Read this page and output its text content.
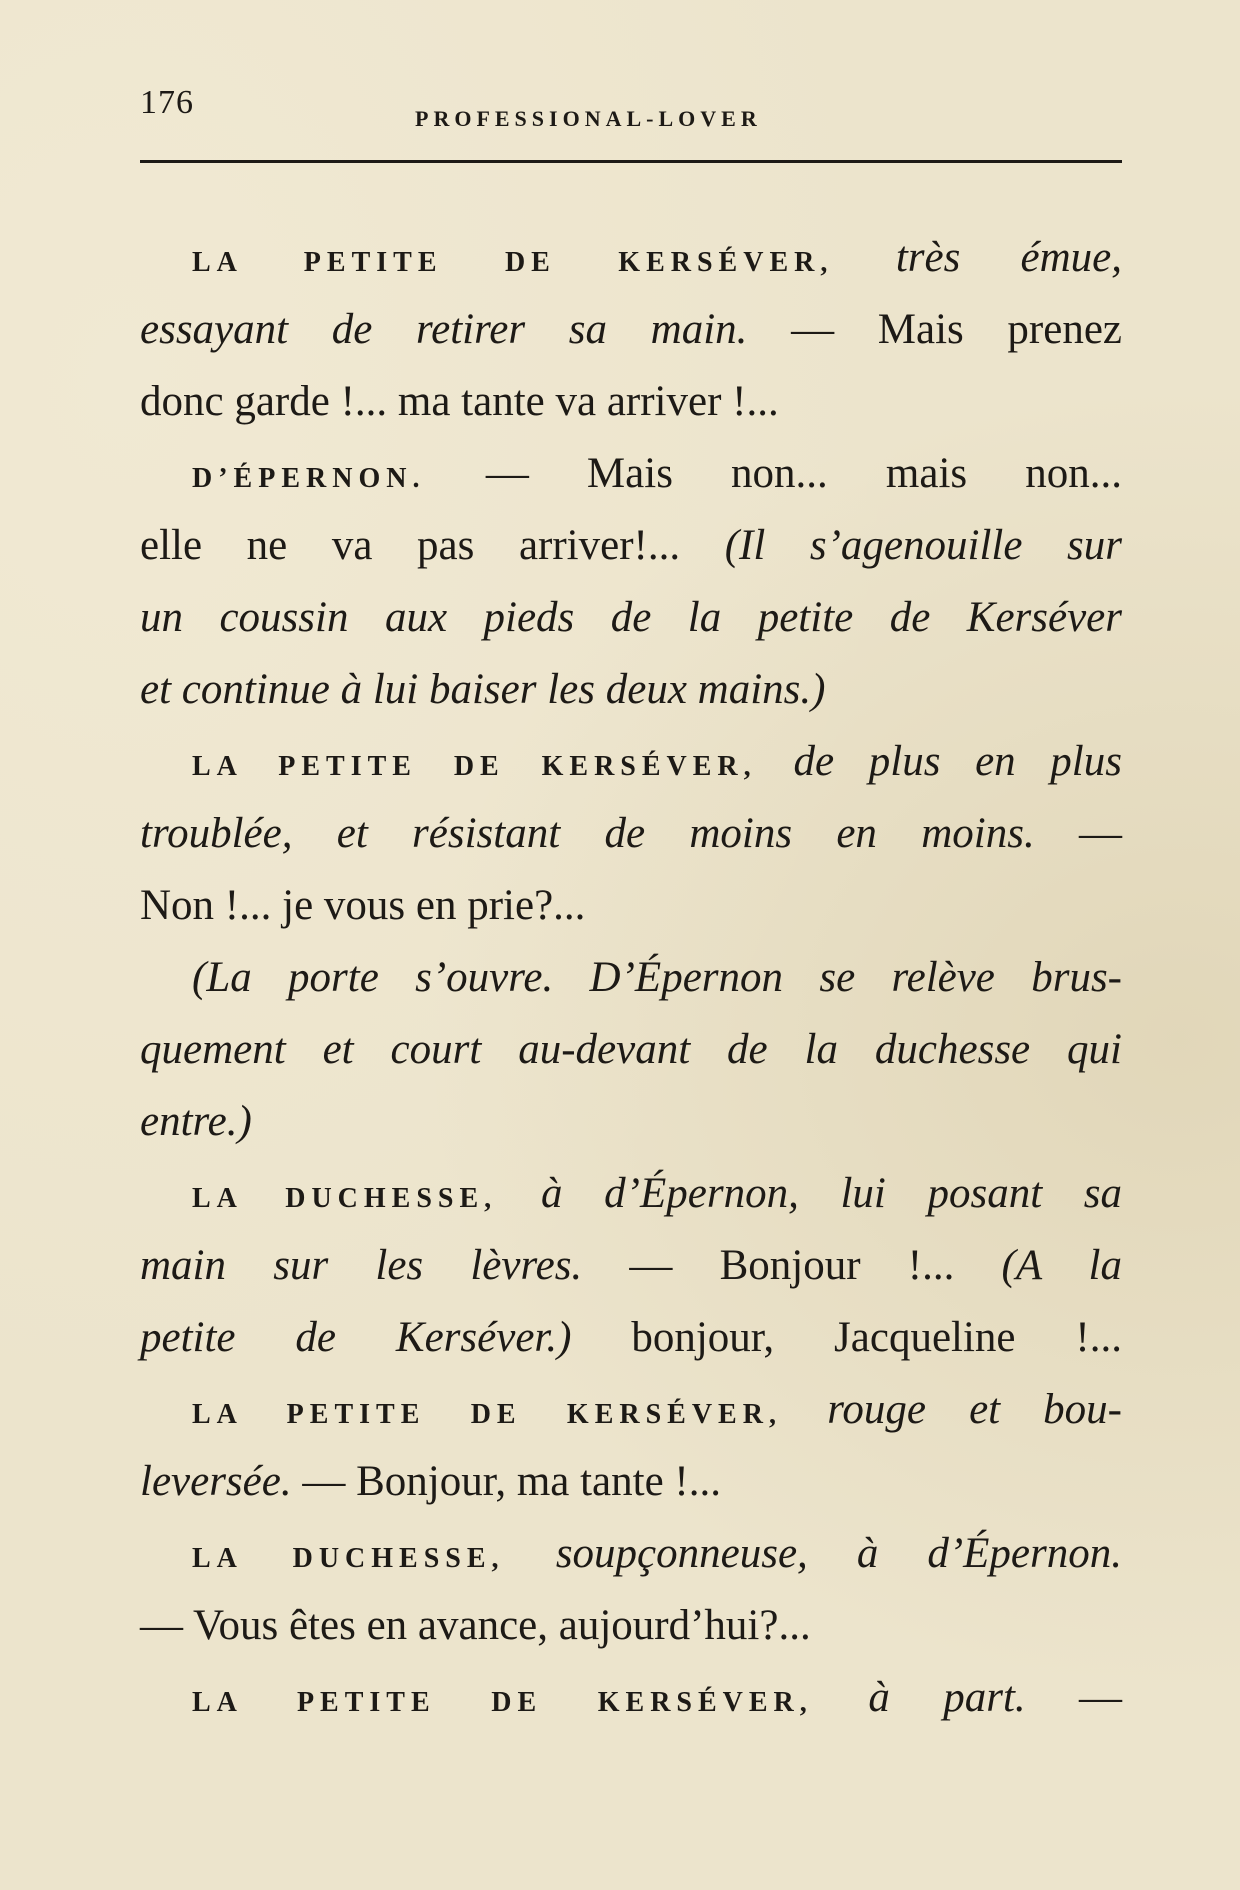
176	PROFESSIONAL-LOVER
LA PETITE DE KERSÉVER, très émue,
essayant de retirer sa main. — Mais prenez
donc garde !... ma tante va arriver !...
D’ÉPERNON. — Mais non... mais non...
elle ne va pas arriver!... (Il s’agenouille sur
un coussin aux pieds de la petite de Kerséver
et continue à lui baiser les deux mains.)
LA PETITE DE KERSÉVER, de plus en plus
troublée, et résistant de moins en moins. —
Non !... je vous en prie?...
(La porte s’ouvre. D’Épernon se relève brus-
quement et court au-devant de la duchesse qui
entre.)
LA DUCHESSE, à d’Épernon, lui posant sa
main sur les lèvres. — Bonjour !... (A la
petite de Kerséver.) bonjour, Jacqueline !...
LA PETITE DE KERSÉVER, rouge et bou-
leversée. — Bonjour, ma tante !...
LA DUCHESSE, soupçonneuse, à d’Épernon.
— Vous êtes en avance, aujourd’hui?...
LA PETITE DE KERSÉVER, à part. —
